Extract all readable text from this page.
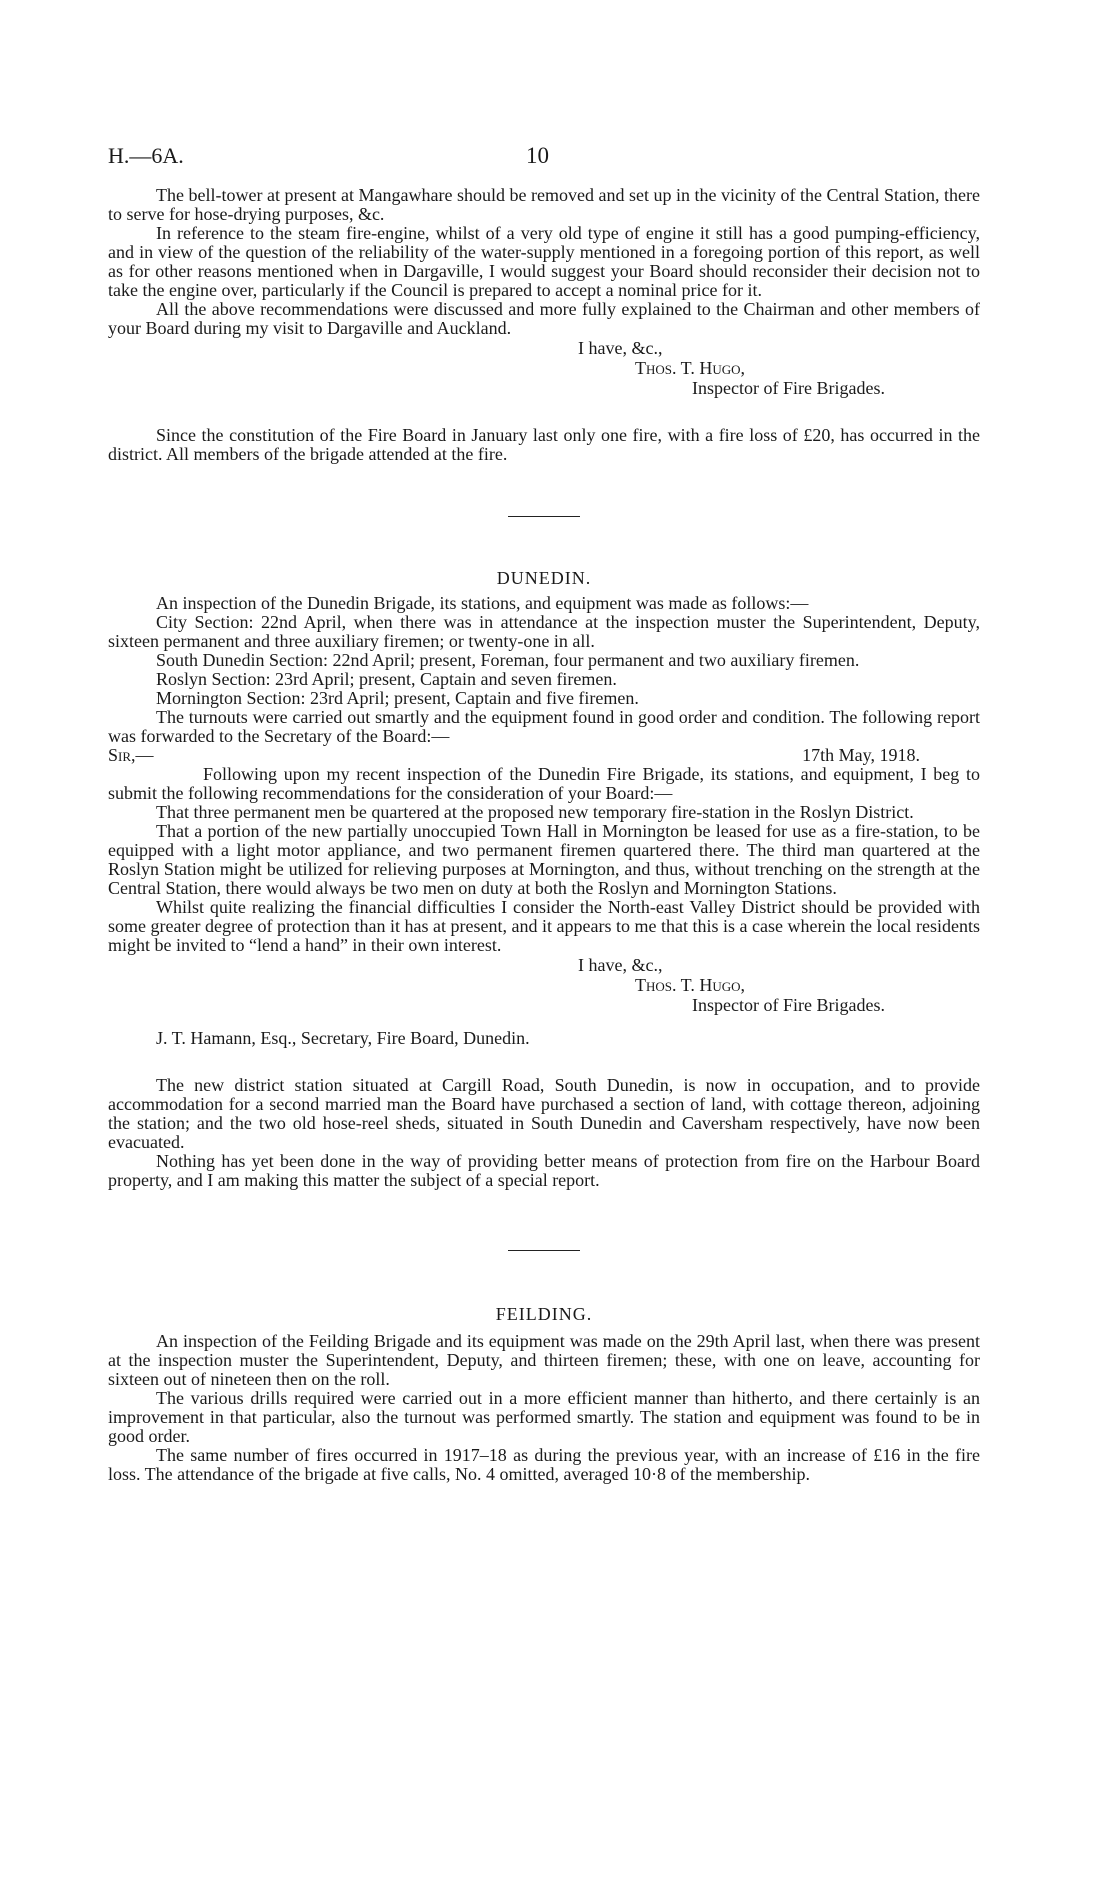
H.—6A.	10

The bell-tower at present at Mangawhare should be removed and set up in the vicinity of the Central Station, there to serve for hose-drying purposes, &c.

In reference to the steam fire-engine, whilst of a very old type of engine it still has a good pumping-efficiency, and in view of the question of the reliability of the water-supply mentioned in a foregoing portion of this report, as well as for other reasons mentioned when in Dargaville, I would suggest your Board should reconsider their decision not to take the engine over, particularly if the Council is prepared to accept a nominal price for it.

All the above recommendations were discussed and more fully explained to the Chairman and other members of your Board during my visit to Dargaville and Auckland.

I have, &c.,
Thos. T. Hugo,
Inspector of Fire Brigades.

Since the constitution of the Fire Board in January last only one fire, with a fire loss of £20, has occurred in the district. All members of the brigade attended at the fire.

DUNEDIN.

An inspection of the Dunedin Brigade, its stations, and equipment was made as follows:—

City Section: 22nd April, when there was in attendance at the inspection muster the Superintendent, Deputy, sixteen permanent and three auxiliary firemen; or twenty-one in all.

South Dunedin Section: 22nd April; present, Foreman, four permanent and two auxiliary firemen.

Roslyn Section: 23rd April; present, Captain and seven firemen.

Mornington Section: 23rd April; present, Captain and five firemen.

The turnouts were carried out smartly and the equipment found in good order and condition. The following report was forwarded to the Secretary of the Board:—

Sir,—	17th May, 1918.

Following upon my recent inspection of the Dunedin Fire Brigade, its stations, and equipment, I beg to submit the following recommendations for the consideration of your Board:—

That three permanent men be quartered at the proposed new temporary fire-station in the Roslyn District.

That a portion of the new partially unoccupied Town Hall in Mornington be leased for use as a fire-station, to be equipped with a light motor appliance, and two permanent firemen quartered there. The third man quartered at the Roslyn Station might be utilized for relieving purposes at Mornington, and thus, without trenching on the strength at the Central Station, there would always be two men on duty at both the Roslyn and Mornington Stations.

Whilst quite realizing the financial difficulties I consider the North-east Valley District should be provided with some greater degree of protection than it has at present, and it appears to me that this is a case wherein the local residents might be invited to “lend a hand” in their own interest.

I have, &c.,
Thos. T. Hugo,
Inspector of Fire Brigades.

J. T. Hamann, Esq., Secretary, Fire Board, Dunedin.

The new district station situated at Cargill Road, South Dunedin, is now in occupation, and to provide accommodation for a second married man the Board have purchased a section of land, with cottage thereon, adjoining the station; and the two old hose-reel sheds, situated in South Dunedin and Caversham respectively, have now been evacuated.

Nothing has yet been done in the way of providing better means of protection from fire on the Harbour Board property, and I am making this matter the subject of a special report.

FEILDING.

An inspection of the Feilding Brigade and its equipment was made on the 29th April last, when there was present at the inspection muster the Superintendent, Deputy, and thirteen firemen; these, with one on leave, accounting for sixteen out of nineteen then on the roll.

The various drills required were carried out in a more efficient manner than hitherto, and there certainly is an improvement in that particular, also the turnout was performed smartly. The station and equipment was found to be in good order.

The same number of fires occurred in 1917–18 as during the previous year, with an increase of £16 in the fire loss. The attendance of the brigade at five calls, No. 4 omitted, averaged 10·8 of the membership.
